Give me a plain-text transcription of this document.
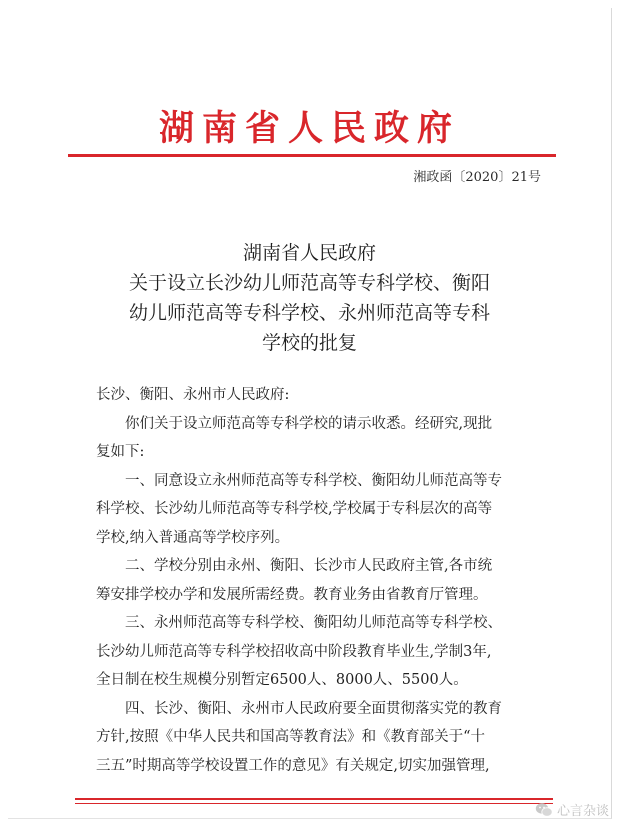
湖南省人民政府
湘政函〔2020〕21号
湖南省人民政府
关于设立长沙幼儿师范高等专科学校、衡阳
幼儿师范高等专科学校、永州师范高等专科
学校的批复

长沙、衡阳、永州市人民政府:

你们关于设立师范高等专科学校的请示收悉。经研究,现批

复如下:

一、同意设立永州师范高等专科学校、衡阳幼儿师范高等专

科学校、长沙幼儿师范高等专科学校,学校属于专科层次的高等

学校,纳入普通高等学校序列。

二、学校分别由永州、衡阳、长沙市人民政府主管,各市统

筹安排学校办学和发展所需经费。教育业务由省教育厅管理。

三、永州师范高等专科学校、衡阳幼儿师范高等专科学校、

长沙幼儿师范高等专科学校招收高中阶段教育毕业生,学制3年,

全日制在校生规模分别暂定6500人、8000人、5500人。

四、长沙、衡阳、永州市人民政府要全面贯彻落实党的教育

方针,按照《中华人民共和国高等教育法》和《教育部关于“十

三五”时期高等学校设置工作的意见》有关规定,切实加强管理,

心言杂谈
